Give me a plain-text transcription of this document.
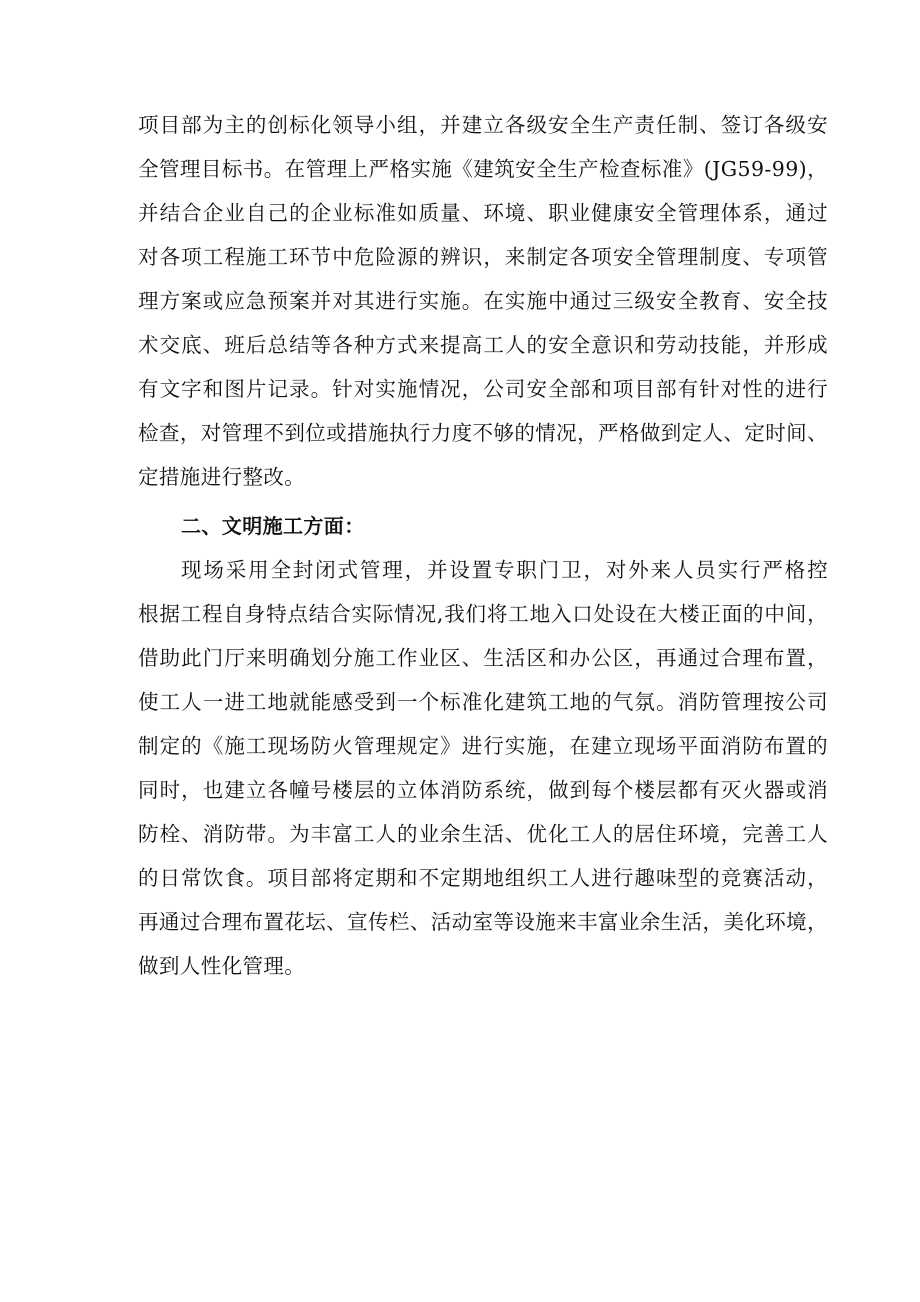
项目部为主的创标化领导小组，并建立各级安全生产责任制、签订各级安
全管理目标书。在管理上严格实施《建筑安全生产检查标准》(JG59-99)，
并结合企业自己的企业标准如质量、环境、职业健康安全管理体系，通过
对各项工程施工环节中危险源的辨识，来制定各项安全管理制度、专项管
理方案或应急预案并对其进行实施。在实施中通过三级安全教育、安全技
术交底、班后总结等各种方式来提高工人的安全意识和劳动技能，并形成
有文字和图片记录。针对实施情况，公司安全部和项目部有针对性的进行
检查，对管理不到位或措施执行力度不够的情况，严格做到定人、定时间、
定措施进行整改。
二、文明施工方面：
现场采用全封闭式管理，并设置专职门卫，对外来人员实行严格控
根据工程自身特点结合实际情况,我们将工地入口处设在大楼正面的中间，
借助此门厅来明确划分施工作业区、生活区和办公区，再通过合理布置，
使工人一进工地就能感受到一个标准化建筑工地的气氛。消防管理按公司
制定的《施工现场防火管理规定》进行实施，在建立现场平面消防布置的
同时，也建立各幢号楼层的立体消防系统，做到每个楼层都有灭火器或消
防栓、消防带。为丰富工人的业余生活、优化工人的居住环境，完善工人
的日常饮食。项目部将定期和不定期地组织工人进行趣味型的竞赛活动，
再通过合理布置花坛、宣传栏、活动室等设施来丰富业余生活，美化环境，
做到人性化管理。
